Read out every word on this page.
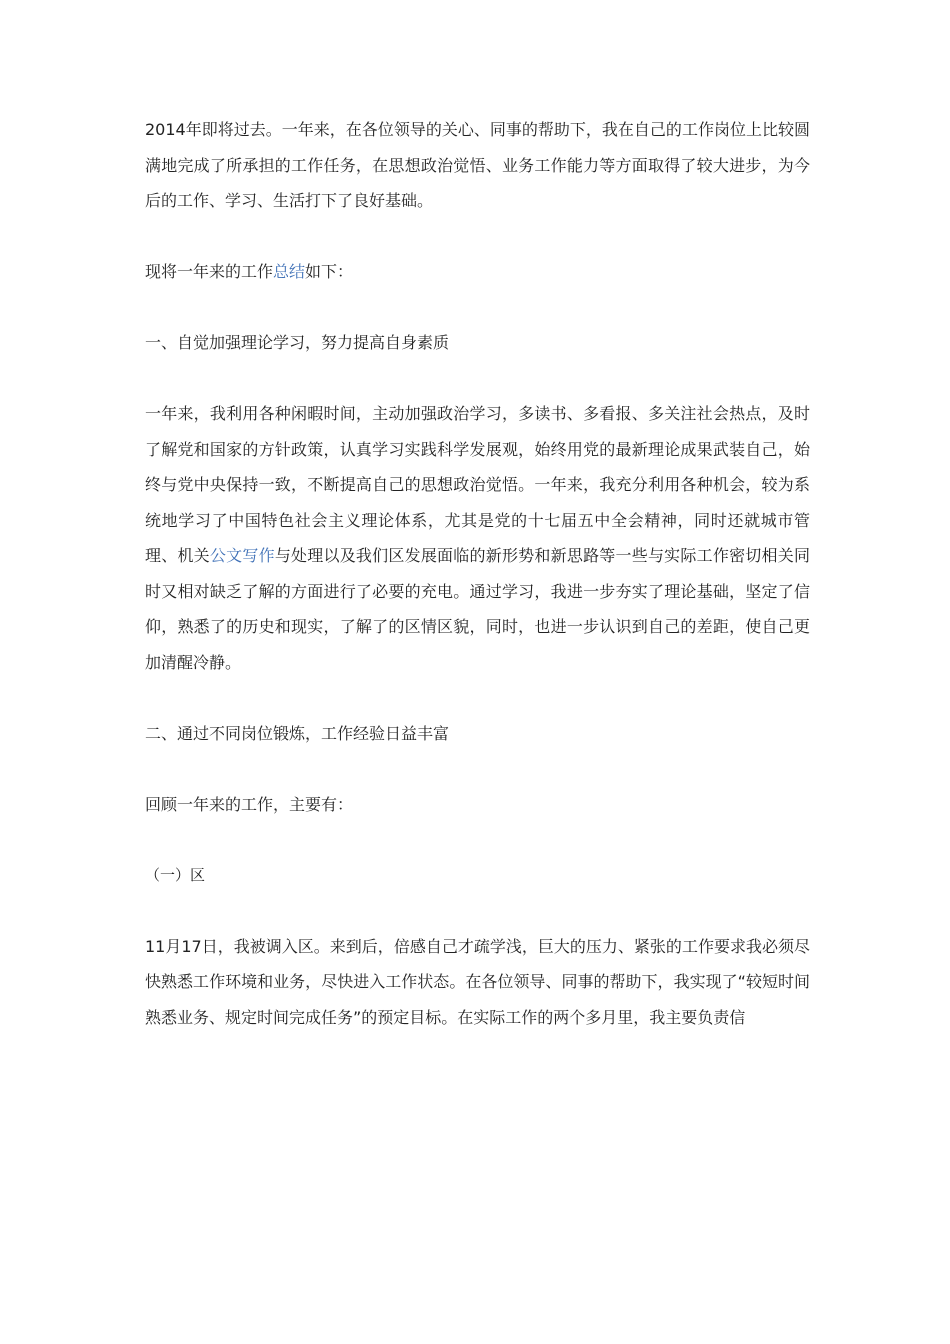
2014年即将过去。一年来，在各位领导的关心、同事的帮助下，我在自己的工作岗位上比较圆满地完成了所承担的工作任务，在思想政治觉悟、业务工作能力等方面取得了较大进步，为今后的工作、学习、生活打下了良好基础。

现将一年来的工作总结如下：

一、自觉加强理论学习，努力提高自身素质

一年来，我利用各种闲暇时间，主动加强政治学习，多读书、多看报、多关注社会热点，及时了解党和国家的方针政策，认真学习实践科学发展观，始终用党的最新理论成果武装自己，始终与党中央保持一致，不断提高自己的思想政治觉悟。一年来，我充分利用各种机会，较为系统地学习了中国特色社会主义理论体系，尤其是党的十七届五中全会精神，同时还就城市管理、机关公文写作与处理以及我们区发展面临的新形势和新思路等一些与实际工作密切相关同时又相对缺乏了解的方面进行了必要的充电。通过学习，我进一步夯实了理论基础，坚定了信仰，熟悉了的历史和现实，了解了的区情区貌，同时，也进一步认识到自己的差距，使自己更加清醒冷静。

二、通过不同岗位锻炼，工作经验日益丰富

回顾一年来的工作，主要有：

（一）区

11月17日，我被调入区。来到后，倍感自己才疏学浅，巨大的压力、紧张的工作要求我必须尽快熟悉工作环境和业务，尽快进入工作状态。在各位领导、同事的帮助下，我实现了“较短时间熟悉业务、规定时间完成任务”的预定目标。在实际工作的两个多月里，我主要负责信
